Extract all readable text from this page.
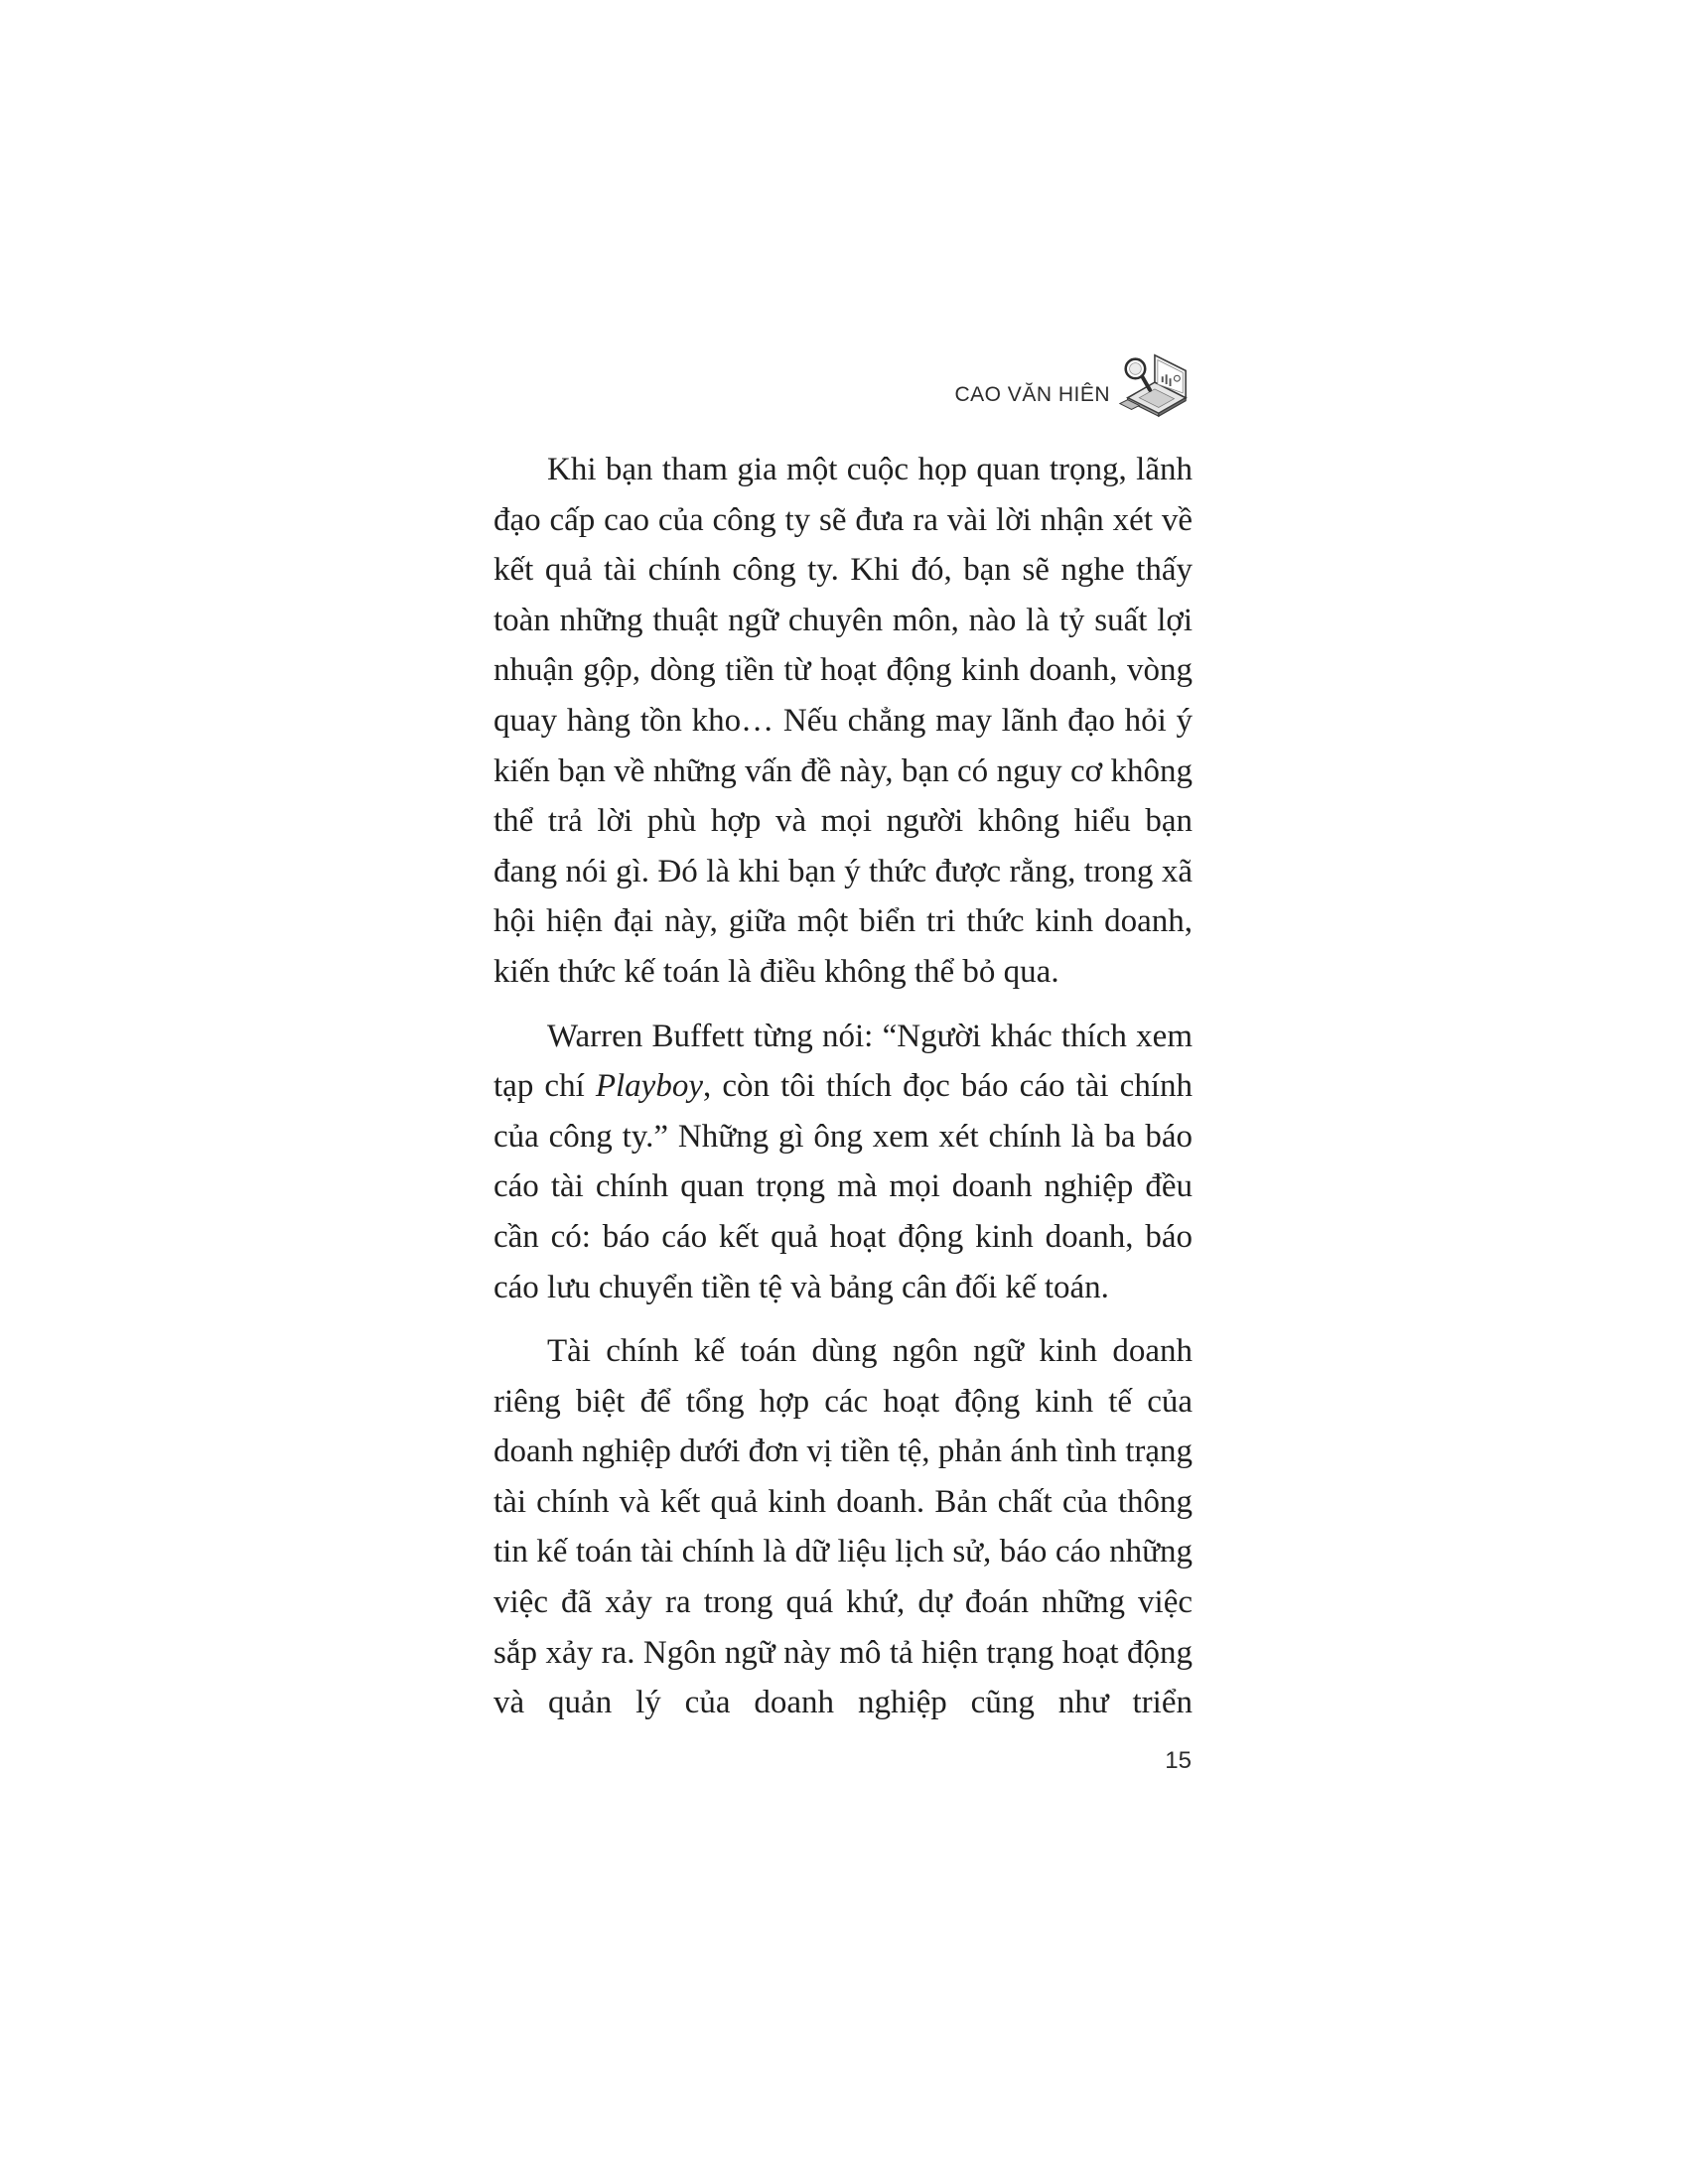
CAO VĂN HIÊN

Khi bạn tham gia một cuộc họp quan trọng, lãnh đạo cấp cao của công ty sẽ đưa ra vài lời nhận xét về kết quả tài chính công ty. Khi đó, bạn sẽ nghe thấy toàn những thuật ngữ chuyên môn, nào là tỷ suất lợi nhuận gộp, dòng tiền từ hoạt động kinh doanh, vòng quay hàng tồn kho… Nếu chẳng may lãnh đạo hỏi ý kiến bạn về những vấn đề này, bạn có nguy cơ không thể trả lời phù hợp và mọi người không hiểu bạn đang nói gì. Đó là khi bạn ý thức được rằng, trong xã hội hiện đại này, giữa một biển tri thức kinh doanh, kiến thức kế toán là điều không thể bỏ qua.

Warren Buffett từng nói: “Người khác thích xem tạp chí Playboy, còn tôi thích đọc báo cáo tài chính của công ty.” Những gì ông xem xét chính là ba báo cáo tài chính quan trọng mà mọi doanh nghiệp đều cần có: báo cáo kết quả hoạt động kinh doanh, báo cáo lưu chuyển tiền tệ và bảng cân đối kế toán.

Tài chính kế toán dùng ngôn ngữ kinh doanh riêng biệt để tổng hợp các hoạt động kinh tế của doanh nghiệp dưới đơn vị tiền tệ, phản ánh tình trạng tài chính và kết quả kinh doanh. Bản chất của thông tin kế toán tài chính là dữ liệu lịch sử, báo cáo những việc đã xảy ra trong quá khứ, dự đoán những việc sắp xảy ra. Ngôn ngữ này mô tả hiện trạng hoạt động và quản lý của doanh nghiệp cũng như triển

15
